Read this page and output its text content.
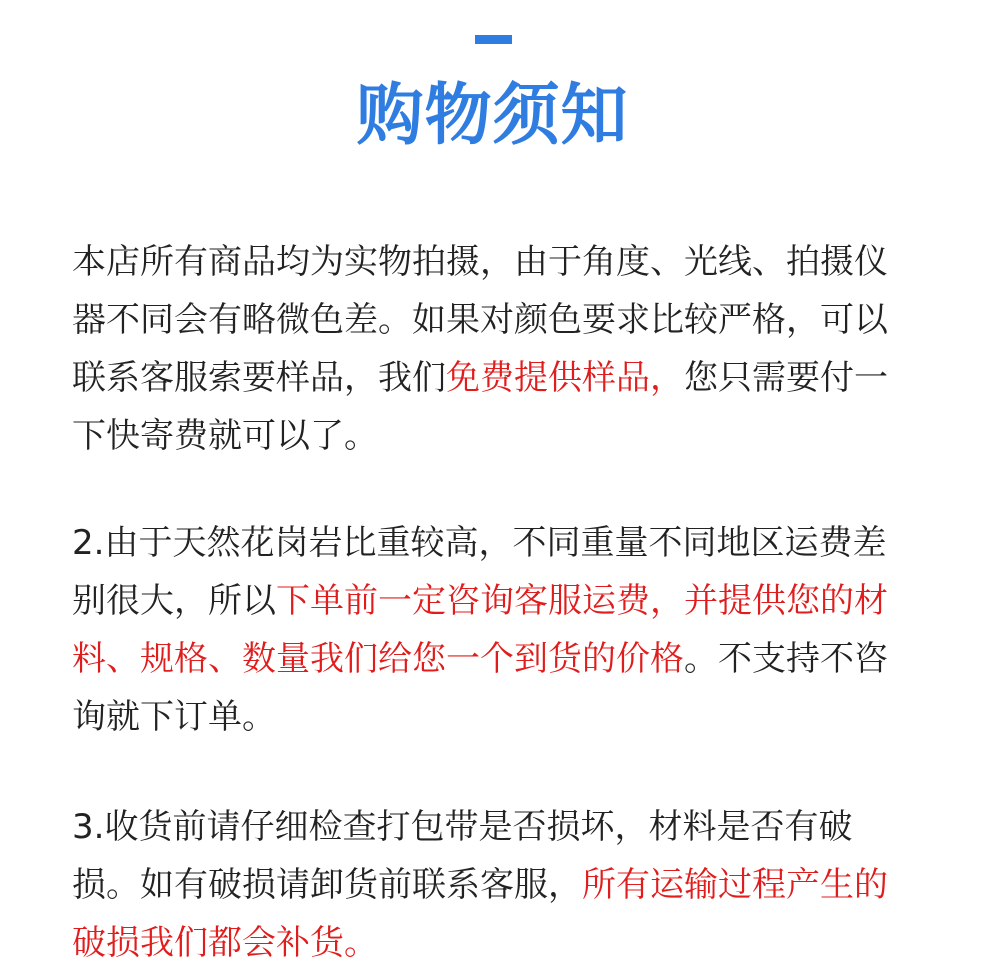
购物须知

本店所有商品均为实物拍摄，由于角度、光线、拍摄仪器不同会有略微色差。如果对颜色要求比较严格，可以联系客服索要样品，我们免费提供样品，您只需要付一下快寄费就可以了。

2.由于天然花岗岩比重较高，不同重量不同地区运费差别很大，所以下单前一定咨询客服运费，并提供您的材料、规格、数量我们给您一个到货的价格。不支持不咨询就下订单。

3.收货前请仔细检查打包带是否损坏，材料是否有破损。如有破损请卸货前联系客服，所有运输过程产生的破损我们都会补货。
